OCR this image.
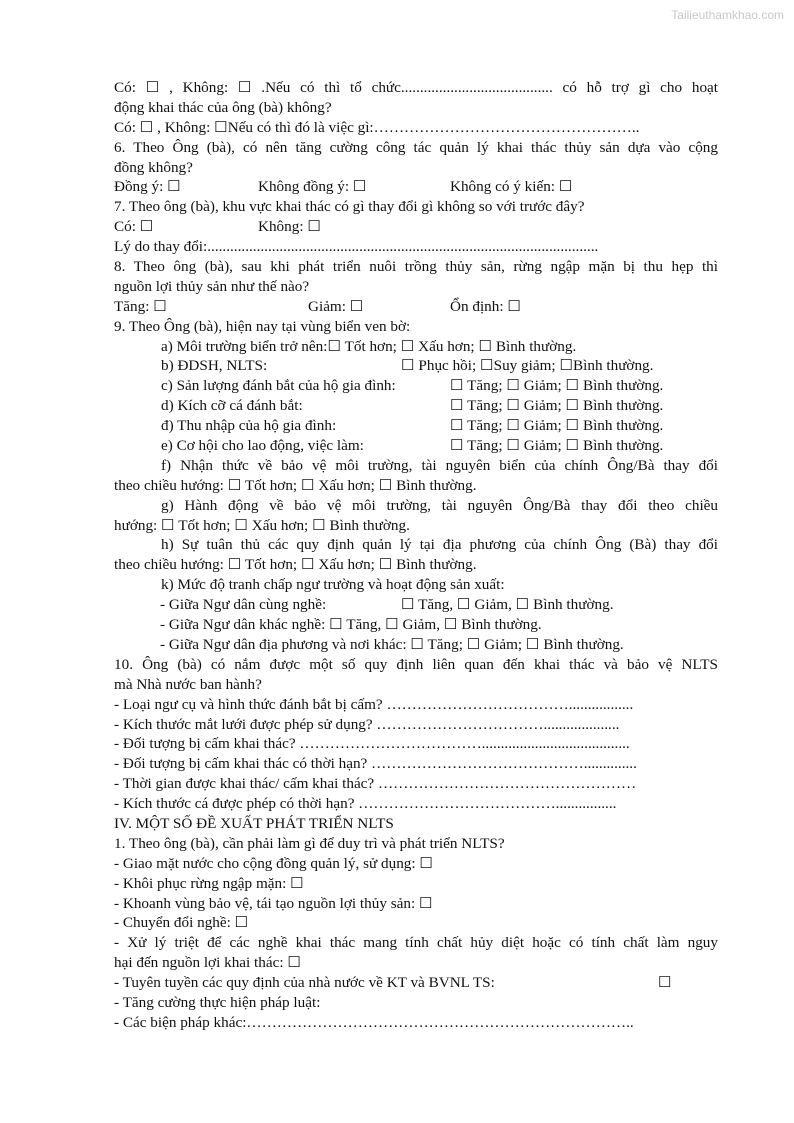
Tailieuthamkhao.com
Có: ☐ , Không: ☐ .Nếu có thì tổ chức........................................ có hỗ trợ gì cho hoạt
động khai thác của ông (bà) không?
Có: ☐ , Không: ☐Nếu có thì đó là việc gì:……………………………………………..
6. Theo Ông (bà), có nên tăng cường công tác quản lý khai thác thủy sản dựa vào cộng
đồng không?
Đồng ý: ☐	Không đồng ý: ☐	Không có ý kiến: ☐
7. Theo ông (bà), khu vực khai thác có gì thay đổi gì không so với trước đây?
Có: ☐	Không: ☐
Lý do thay đổi:.......................................................................................................
8. Theo ông (bà), sau khi phát triển nuôi trồng thủy sản, rừng ngập mặn bị thu hẹp thì
nguồn lợi thủy sản như thế nào?
Tăng: ☐	Giảm: ☐	Ổn định: ☐
9. Theo Ông (bà), hiện nay tại vùng biển ven bờ:
a) Môi trường biển trở nên:☐ Tốt hơn; ☐ Xấu hơn; ☐ Bình thường.
b) ĐDSH, NLTS:	☐ Phục hồi; ☐Suy giảm; ☐Bình thường.
c) Sản lượng đánh bắt của hộ gia đình:	☐ Tăng; ☐ Giảm; ☐ Bình thường.
d) Kích cỡ cá đánh bắt:	☐ Tăng; ☐ Giảm; ☐ Bình thường.
đ) Thu nhập của hộ gia đình:	☐ Tăng; ☐ Giảm; ☐ Bình thường.
e) Cơ hội cho lao động, việc làm:	☐ Tăng; ☐ Giảm; ☐ Bình thường.
f) Nhận thức về bảo vệ môi trường, tài nguyên biển của chính Ông/Bà thay đổi
theo chiều hướng: ☐ Tốt hơn; ☐ Xấu hơn; ☐ Bình thường.
g) Hành động về bảo vệ môi trường, tài nguyên Ông/Bà thay đổi theo chiều
hướng: ☐ Tốt hơn; ☐ Xấu hơn; ☐ Bình thường.
h) Sự tuân thủ các quy định quản lý tại địa phương của chính Ông (Bà) thay đổi
theo chiều hướng: ☐ Tốt hơn; ☐ Xấu hơn; ☐ Bình thường.
k) Mức độ tranh chấp ngư trường và hoạt động sản xuất:
- Giữa Ngư dân cùng nghề:	☐ Tăng, ☐ Giảm, ☐ Bình thường.
- Giữa Ngư dân khác nghề: ☐ Tăng, ☐ Giảm, ☐ Bình thường.
- Giữa Ngư dân địa phương và nơi khác: ☐ Tăng; ☐ Giảm; ☐ Bình thường.
10. Ông (bà) có nắm được một số quy định liên quan đến khai thác và bảo vệ NLTS
mà Nhà nước ban hành?
- Loại ngư cụ và hình thức đánh bắt bị cấm? ……………………………….................
- Kích thước mắt lưới được phép sử dụng? ……………………………....................
- Đối tượng bị cấm khai thác? ……………………………….......................................
- Đối tượng bị cấm khai thác có thời hạn? ……………………………………..............
- Thời gian được khai thác/ cấm khai thác? ……………………………………………
- Kích thước cá được phép có thời hạn? …………………………………................
IV. MỘT SỐ ĐỀ XUẤT PHÁT TRIỂN NLTS
1. Theo ông (bà), cần phải làm gì để duy trì và phát triển NLTS?
- Giao mặt nước cho cộng đồng quản lý, sử dụng: ☐
- Khôi phục rừng ngập mặn: ☐
- Khoanh vùng bảo vệ, tái tạo nguồn lợi thủy sản: ☐
- Chuyển đổi nghề: ☐
- Xử lý triệt để các nghề khai thác mang tính chất hủy diệt hoặc có tính chất làm nguy
hại đến nguồn lợi khai thác: ☐
- Tuyên tuyền các quy định của nhà nước về KT và BVNL TS:	☐
- Tăng cường thực hiện pháp luật:
- Các biện pháp khác:…………………………………………………………………..
